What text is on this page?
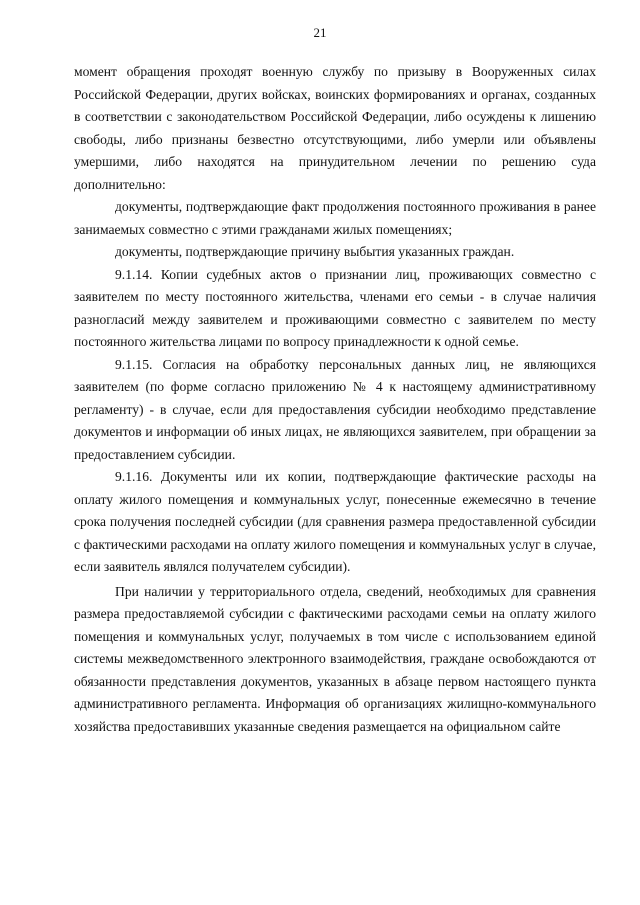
21

момент обращения проходят военную службу по призыву в Вооруженных силах Российской Федерации, других войсках, воинских формированиях и органах, созданных в соответствии с законодательством Российской Федерации, либо осуждены к лишению свободы, либо признаны безвестно отсутствующими, либо умерли или объявлены умершими, либо находятся на принудительном лечении по решению суда дополнительно:

документы, подтверждающие факт продолжения постоянного проживания в ранее занимаемых совместно с этими гражданами жилых помещениях;

документы, подтверждающие причину выбытия указанных граждан.

9.1.14. Копии судебных актов о признании лиц, проживающих совместно с заявителем по месту постоянного жительства, членами его семьи - в случае наличия разногласий между заявителем и проживающими совместно с заявителем по месту постоянного жительства лицами по вопросу принадлежности к одной семье.

9.1.15. Согласия на обработку персональных данных лиц, не являющихся заявителем (по форме согласно приложению № 4 к настоящему административному регламенту) - в случае, если для предоставления субсидии необходимо представление документов и информации об иных лицах, не являющихся заявителем, при обращении за предоставлением субсидии.

9.1.16. Документы или их копии, подтверждающие фактические расходы на оплату жилого помещения и коммунальных услуг, понесенные ежемесячно в течение срока получения последней субсидии (для сравнения размера предоставленной субсидии с фактическими расходами на оплату жилого помещения и коммунальных услуг в случае, если заявитель являлся получателем субсидии).

При наличии у территориального отдела, сведений, необходимых для сравнения размера предоставляемой субсидии с фактическими расходами семьи на оплату жилого помещения и коммунальных услуг, получаемых в том числе с использованием единой системы межведомственного электронного взаимодействия, граждане освобождаются от обязанности представления документов, указанных в абзаце первом настоящего пункта административного регламента. Информация об организациях жилищно-коммунального хозяйства предоставивших указанные сведения размещается на официальном сайте
